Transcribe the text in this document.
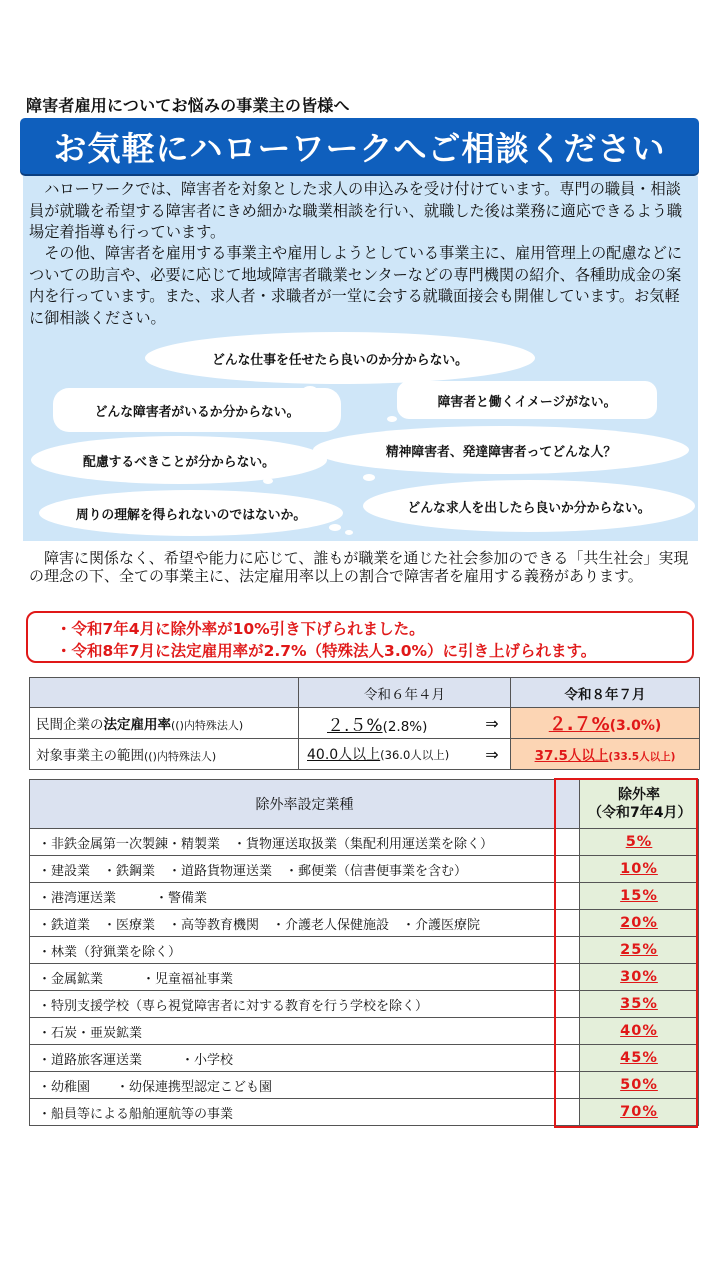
障害者雇用についてお悩みの事業主の皆様へ
お気軽にハローワークへご相談ください
ハローワークでは、障害者を対象とした求人の申込みを受け付けています。専門の職員・相談員が就職を希望する障害者にきめ細かな職業相談を行い、就職した後は業務に適応できるよう職場定着指導も行っています。
その他、障害者を雇用する事業主や雇用しようとしている事業主に、雇用管理上の配慮などについての助言や、必要に応じて地域障害者職業センターなどの専門機関の紹介、各種助成金の案内を行っています。また、求人者・求職者が一堂に会する就職面接会も開催しています。お気軽に御相談ください。
どんな仕事を任せたら良いのか分からない。
どんな障害者がいるか分からない。
障害者と働くイメージがない。
精神障害者、発達障害者ってどんな人？
配慮するべきことが分からない。
周りの理解を得られないのではないか。	どんな求人を出したら良いか分からない。
障害に関係なく、希望や能力に応じて、誰もが職業を通じた社会参加のできる「共生社会」実現の理念の下、全ての事業主に、法定雇用率以上の割合で障害者を雇用する義務があります。
・令和7年4月に除外率が10%引き下げられました。
・令和8年7月に法定雇用率が2.7%（特殊法人3.0%）に引き上げられます。
	令和６年４月		令和８年７月
民間企業の法定雇用率(()内特殊法人)	２.５%(2.8%)	⇒	２.７%(3.0%)
対象事業主の範囲(()内特殊法人)	40.0人以上(36.0人以上)	⇒	37.5人以上(33.5人以上)
除外率設定業種	除外率
（令和7年4月）

・非鉄金属第一次製錬・精製業　・貨物運送取扱業（集配利用運送業を除く）	5%
・建設業　・鉄鋼業　・道路貨物運送業　・郵便業（信書便事業を含む）	10%
・港湾運送業　　　・警備業	15%
・鉄道業　・医療業　・高等教育機関　・介護老人保健施設　・介護医療院	20%
・林業（狩猟業を除く）	25%
・金属鉱業　　　・児童福祉事業	30%
・特別支援学校（専ら視覚障害者に対する教育を行う学校を除く）	35%
・石炭・亜炭鉱業	40%
・道路旅客運送業　　　・小学校	45%
・幼稚園　　・幼保連携型認定こども園	50%
・船員等による船舶運航等の事業	70%
